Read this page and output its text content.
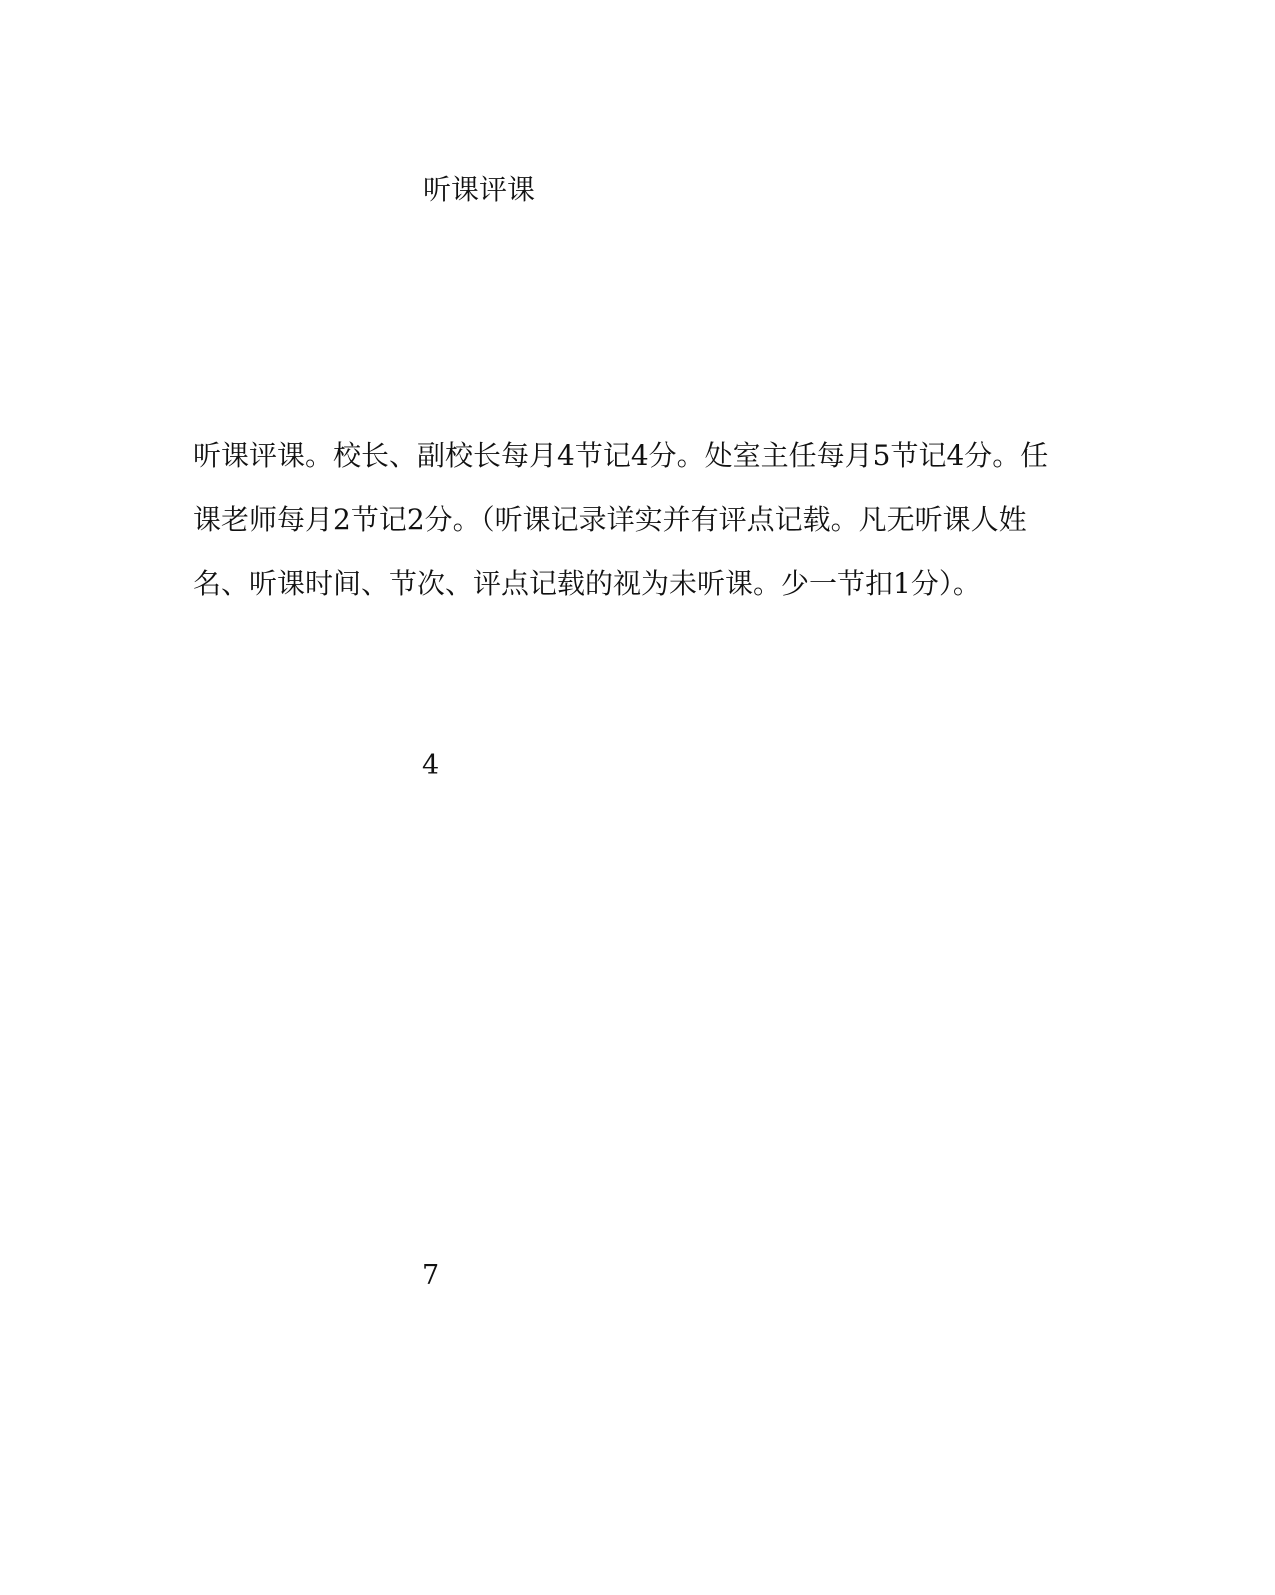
听课评课
听课评课。校长、副校长每月4节记4分。处室主任每月5节记4分。任
课老师每月2节记2分。（听课记录详实并有评点记载。凡无听课人姓
名、听课时间、节次、评点记载的视为未听课。少一节扣1分）。
4
7
